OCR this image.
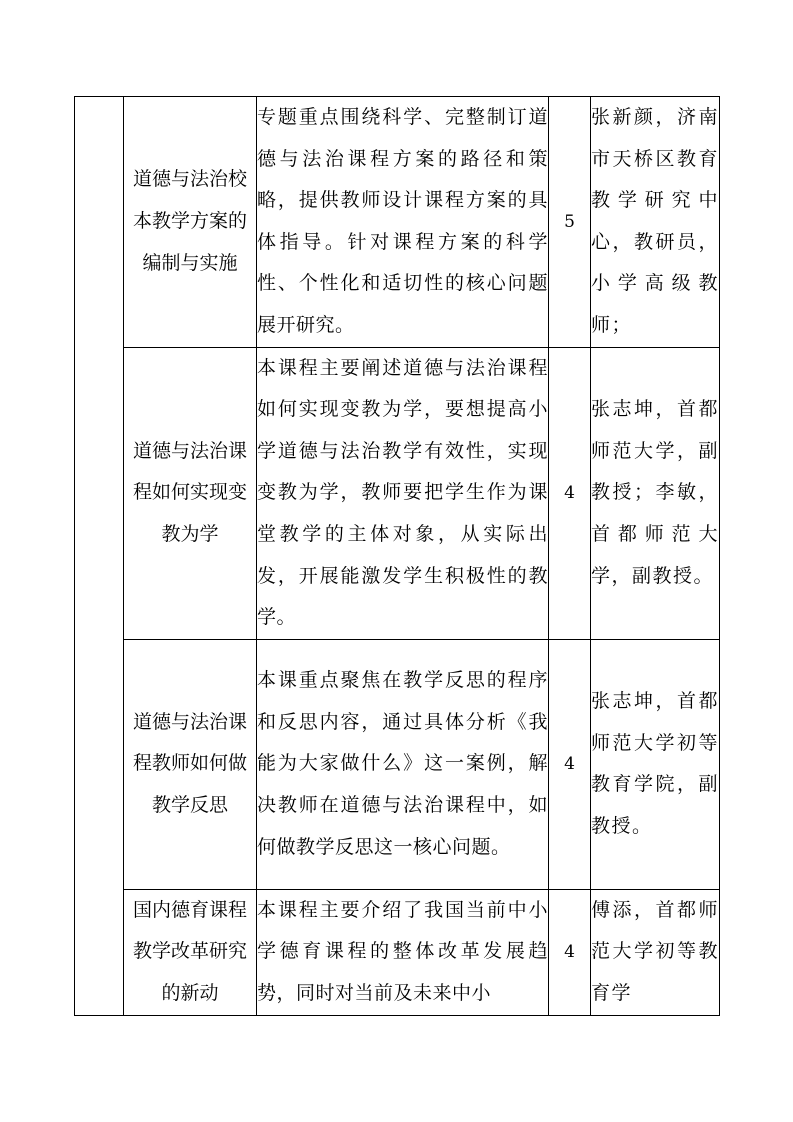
	道德与法治校本教学方案的编制与实施	专题重点围绕科学、完整制订道德与法治课程方案的路径和策略，提供教师设计课程方案的具体指导。针对课程方案的科学性、个性化和适切性的核心问题展开研究。	5	张新颜，济南市天桥区教育教学研究中心，教研员，小学高级教师；

	道德与法治课程如何实现变教为学	本课程主要阐述道德与法治课程如何实现变教为学，要想提高小学道德与法治教学有效性，实现变教为学，教师要把学生作为课堂教学的主体对象，从实际出发，开展能激发学生积极性的教学。	4	张志坤，首都师范大学，副教授；李敏，首都师范大学，副教授。

	道德与法治课程教师如何做教学反思	本课重点聚焦在教学反思的程序和反思内容，通过具体分析《我能为大家做什么》这一案例，解决教师在道德与法治课程中，如何做教学反思这一核心问题。	4	张志坤，首都师范大学初等教育学院，副教授。

	国内德育课程教学改革研究的新动	本课程主要介绍了我国当前中小学德育课程的整体改革发展趋势，同时对当前及未来中小	4	傅添，首都师范大学初等教育学
